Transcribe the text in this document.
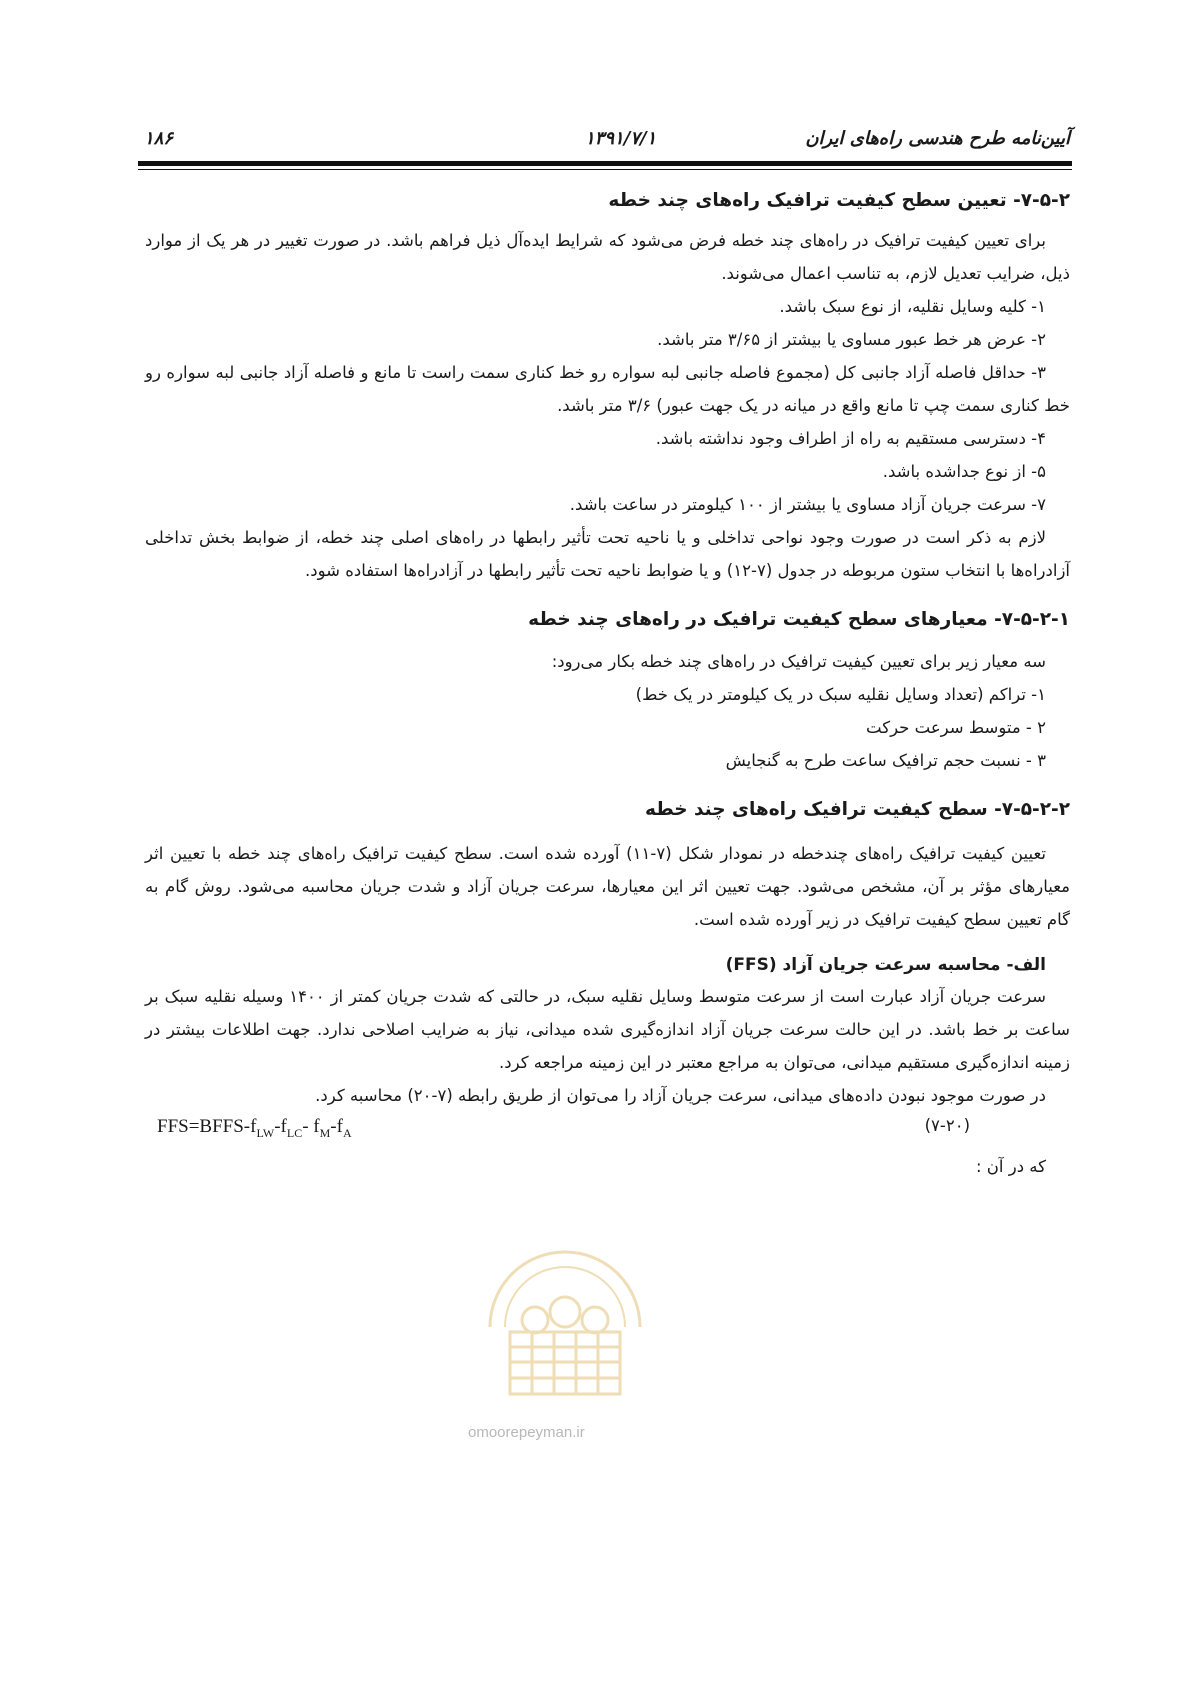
۱۸۶	۱۳۹۱/۷/۱	آیین‌نامه طرح هندسی راه‌های ایران
۷-۵-۲- تعیین سطح کیفیت ترافیک راه‌های چند خطه

برای تعیین کیفیت ترافیک در راه‌های چند خطه فرض می‌شود که شرایط ایده‌آل ذیل فراهم باشد. در صورت تغییر در هر یک از موارد ذیل، ضرایب تعدیل لازم، به تناسب اعمال می‌شوند.

۱- کلیه وسایل نقلیه، از نوع سبک باشد.

۲- عرض هر خط عبور مساوی یا بیشتر از ۳/۶۵ متر باشد.

۳- حداقل فاصله آزاد جانبی کل (مجموع فاصله جانبی لبه سواره رو خط کناری سمت راست تا مانع و فاصله آزاد جانبی لبه سواره رو خط کناری سمت چپ تا مانع واقع در میانه در یک جهت عبور) ۳/۶ متر باشد.

۴- دسترسی مستقیم به راه از اطراف وجود نداشته باشد.

۵- از نوع جداشده باشد.

۷- سرعت جریان آزاد مساوی یا بیشتر از ۱۰۰ کیلومتر در ساعت باشد.

لازم به ذکر است در صورت وجود نواحی تداخلی و یا ناحیه تحت تأثیر رابطها در راه‌های اصلی چند خطه، از ضوابط بخش تداخلی آزادراه‌ها با انتخاب ستون مربوطه در جدول (۷-۱۲) و یا ضوابط ناحیه تحت تأثیر رابطها در آزادراه‌ها استفاده شود.

۷-۵-۲-۱- معیارهای سطح کیفیت ترافیک در راه‌های چند خطه

سه معیار زیر برای تعیین کیفیت ترافیک در راه‌های چند خطه بکار می‌رود:

۱- تراکم (تعداد وسایل نقلیه سبک در یک کیلومتر در یک خط)

۲ - متوسط سرعت حرکت

۳ - نسبت حجم ترافیک ساعت طرح به گنجایش

۷-۵-۲-۲- سطح کیفیت ترافیک راه‌های چند خطه

تعیین کیفیت ترافیک راه‌های چندخطه در نمودار شکل (۷-۱۱) آورده شده است. سطح کیفیت ترافیک راه‌های چند خطه با تعیین اثر معیارهای مؤثر بر آن، مشخص می‌شود. جهت تعیین اثر این معیارها، سرعت جریان آزاد و شدت جریان محاسبه می‌شود. روش گام به گام تعیین سطح کیفیت ترافیک در زیر آورده شده است.

الف- محاسبه سرعت جریان آزاد (FFS)

سرعت جریان آزاد عبارت است از سرعت متوسط وسایل نقلیه سبک، در حالتی که شدت جریان کمتر از ۱۴۰۰ وسیله نقلیه سبک بر ساعت بر خط باشد. در این حالت سرعت جریان آزاد اندازه‌گیری شده میدانی، نیاز به ضرایب اصلاحی ندارد. جهت اطلاعات بیشتر در زمینه اندازه‌گیری مستقیم میدانی، می‌توان به مراجع معتبر در این زمینه مراجعه کرد.

در صورت موجود نبودن داده‌های میدانی، سرعت جریان آزاد را می‌توان از طریق رابطه (۷-۲۰) محاسبه کرد.

(۷-۲۰)
$FFS=BFFS-f_{LW}-f_{LC}-$ $f_M-f_A$

که در آن :

omoorepeyman.ir
